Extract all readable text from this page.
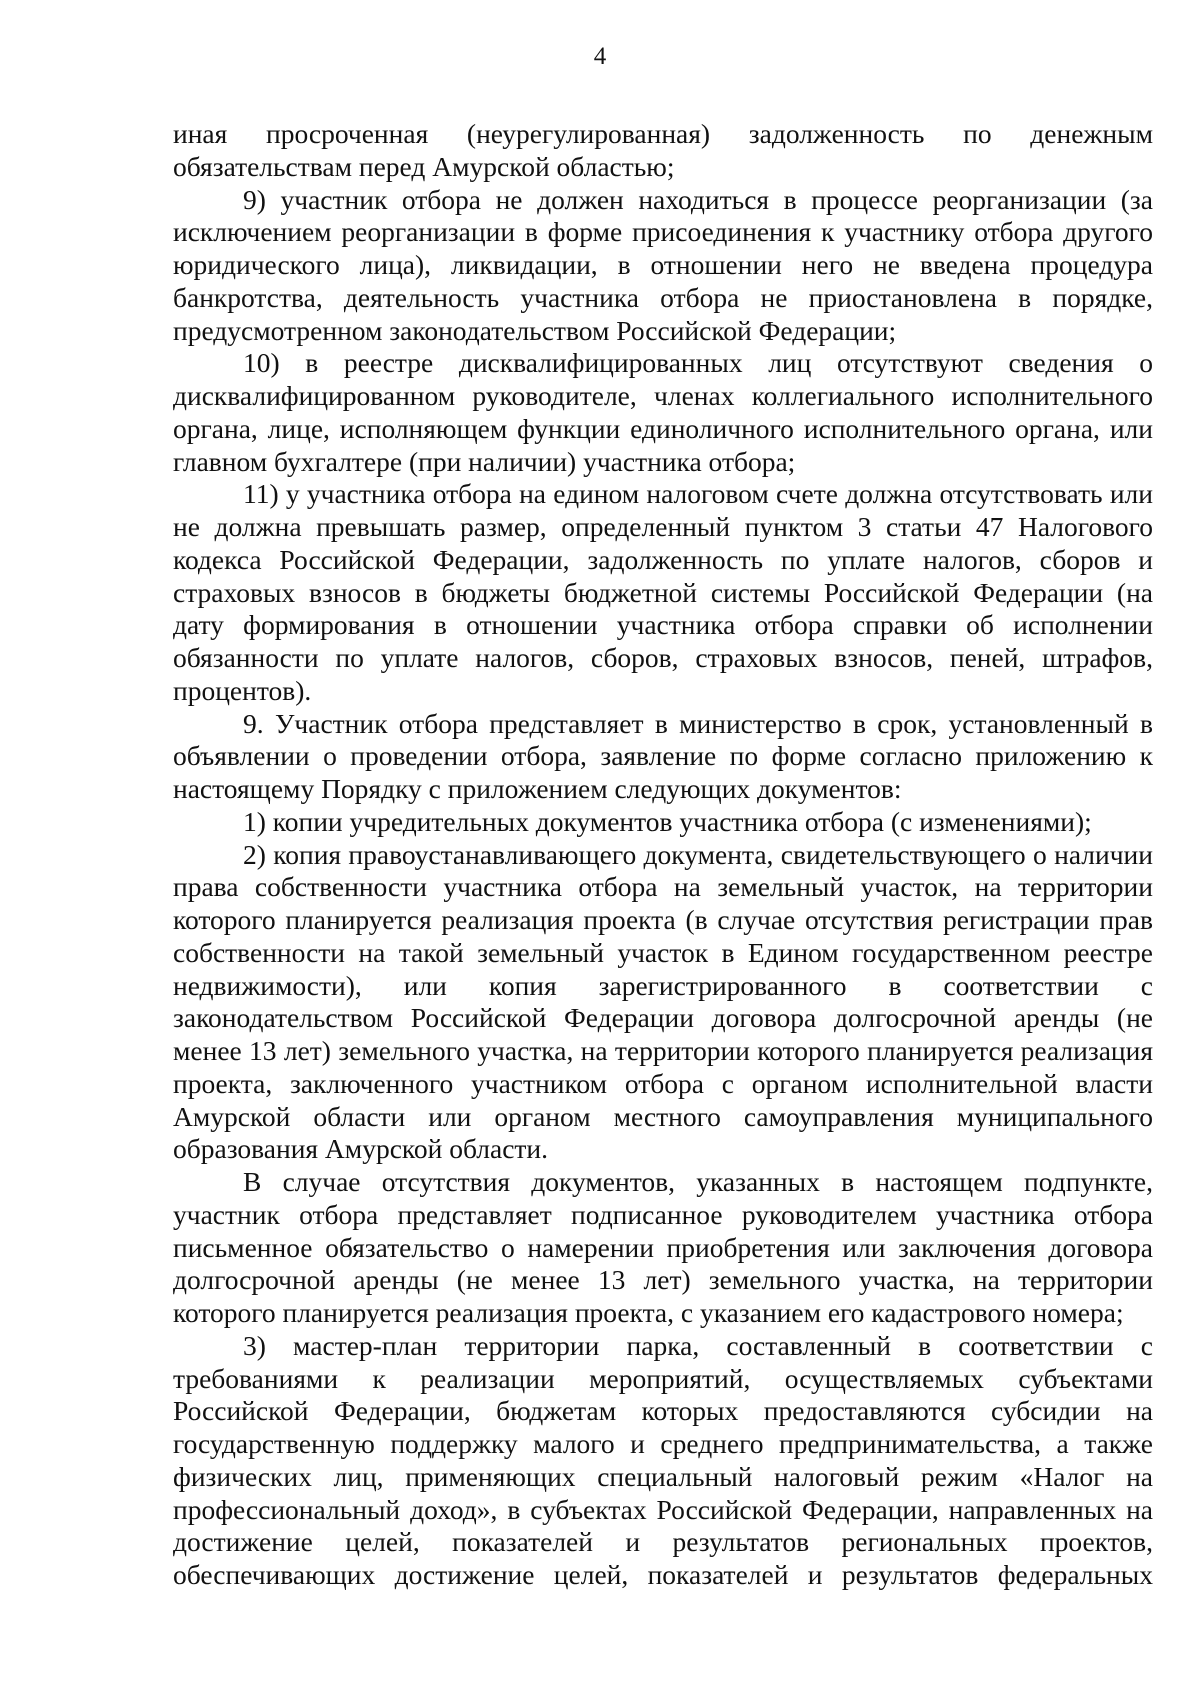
4

иная просроченная (неурегулированная) задолженность по денежным обязательствам перед Амурской областью;

9) участник отбора не должен находиться в процессе реорганизации (за исключением реорганизации в форме присоединения к участнику отбора другого юридического лица), ликвидации, в отношении него не введена процедура банкротства, деятельность участника отбора не приостановлена в порядке, предусмотренном законодательством Российской Федерации;

10) в реестре дисквалифицированных лиц отсутствуют сведения о дисквалифицированном руководителе, членах коллегиального исполнительного органа, лице, исполняющем функции единоличного исполнительного органа, или главном бухгалтере (при наличии) участника отбора;

11) у участника отбора на едином налоговом счете должна отсутствовать или не должна превышать размер, определенный пунктом 3 статьи 47 Налогового кодекса Российской Федерации, задолженность по уплате налогов, сборов и страховых взносов в бюджеты бюджетной системы Российской Федерации (на дату формирования в отношении участника отбора справки об исполнении обязанности по уплате налогов, сборов, страховых взносов, пеней, штрафов, процентов).

9. Участник отбора представляет в министерство в срок, установленный в объявлении о проведении отбора, заявление по форме согласно приложению к настоящему Порядку с приложением следующих документов:

1) копии учредительных документов участника отбора (с изменениями);

2) копия правоустанавливающего документа, свидетельствующего о наличии права собственности участника отбора на земельный участок, на территории которого планируется реализация проекта (в случае отсутствия регистрации прав собственности на такой земельный участок в Едином государственном реестре недвижимости), или копия зарегистрированного в соответствии с законодательством Российской Федерации договора долгосрочной аренды (не менее 13 лет) земельного участка, на территории которого планируется реализация проекта, заключенного участником отбора с органом исполнительной власти Амурской области или органом местного самоуправления муниципального образования Амурской области.

В случае отсутствия документов, указанных в настоящем подпункте, участник отбора представляет подписанное руководителем участника отбора письменное обязательство о намерении приобретения или заключения договора долгосрочной аренды (не менее 13 лет) земельного участка, на территории которого планируется реализация проекта, с указанием его кадастрового номера;

3) мастер-план территории парка, составленный в соответствии с требованиями к реализации мероприятий, осуществляемых субъектами Российской Федерации, бюджетам которых предоставляются субсидии на государственную поддержку малого и среднего предпринимательства, а также физических лиц, применяющих специальный налоговый режим «Налог на профессиональный доход», в субъектах Российской Федерации, направленных на достижение целей, показателей и результатов региональных проектов, обеспечивающих достижение целей, показателей и результатов федеральных
